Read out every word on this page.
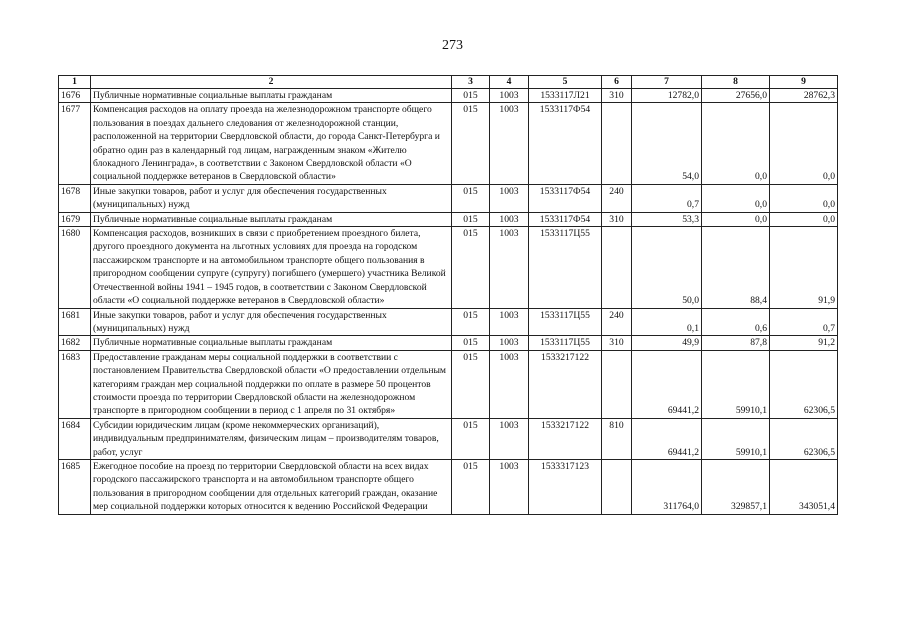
273
1	2	3	4	5	6	7	8	9
1676	Публичные нормативные социальные выплаты гражданам	015	1003	1533117Л21	310	12782,0	27656,0	28762,3
1677	Компенсация расходов на оплату проезда на железнодорожном транспорте общего пользования в поездах дальнего следования от железнодорожной станции, расположенной на территории Свердловской области, до города Санкт-Петербурга и обратно один раз в календарный год лицам, награжденным знаком «Жителю блокадного Ленинграда», в соответствии с Законом Свердловской области «О социальной поддержке ветеранов в Свердловской области»	015	1003	1533117Ф54		54,0	0,0	0,0
1678	Иные закупки товаров, работ и услуг для обеспечения государственных (муниципальных) нужд	015	1003	1533117Ф54	240	0,7	0,0	0,0
1679	Публичные нормативные социальные выплаты гражданам	015	1003	1533117Ф54	310	53,3	0,0	0,0
1680	Компенсация расходов, возникших в связи с приобретением проездного билета, другого проездного документа на льготных условиях для проезда на городском пассажирском транспорте и на автомобильном транспорте общего пользования в пригородном сообщении супруге (супругу) погибшего (умершего) участника Великой Отечественной войны 1941 – 1945 годов, в соответствии с Законом Свердловской области «О социальной поддержке ветеранов в Свердловской области»	015	1003	1533117Ц55		50,0	88,4	91,9
1681	Иные закупки товаров, работ и услуг для обеспечения государственных (муниципальных) нужд	015	1003	1533117Ц55	240	0,1	0,6	0,7
1682	Публичные нормативные социальные выплаты гражданам	015	1003	1533117Ц55	310	49,9	87,8	91,2
1683	Предоставление гражданам меры социальной поддержки в соответствии с постановлением Правительства Свердловской области «О предоставлении отдельным категориям граждан мер социальной поддержки по оплате в размере 50 процентов стоимости проезда по территории Свердловской области на железнодорожном транспорте в пригородном сообщении в период с 1 апреля по 31 октября»	015	1003	1533217122		69441,2	59910,1	62306,5
1684	Субсидии юридическим лицам (кроме некоммерческих организаций), индивидуальным предпринимателям, физическим лицам – производителям товаров, работ, услуг	015	1003	1533217122	810	69441,2	59910,1	62306,5
1685	Ежегодное пособие на проезд по территории Свердловской области на всех видах городского пассажирского транспорта и на автомобильном транспорте общего пользования в пригородном сообщении для отдельных категорий граждан, оказание мер социальной поддержки которых относится к ведению Российской Федерации	015	1003	1533317123		311764,0	329857,1	343051,4
